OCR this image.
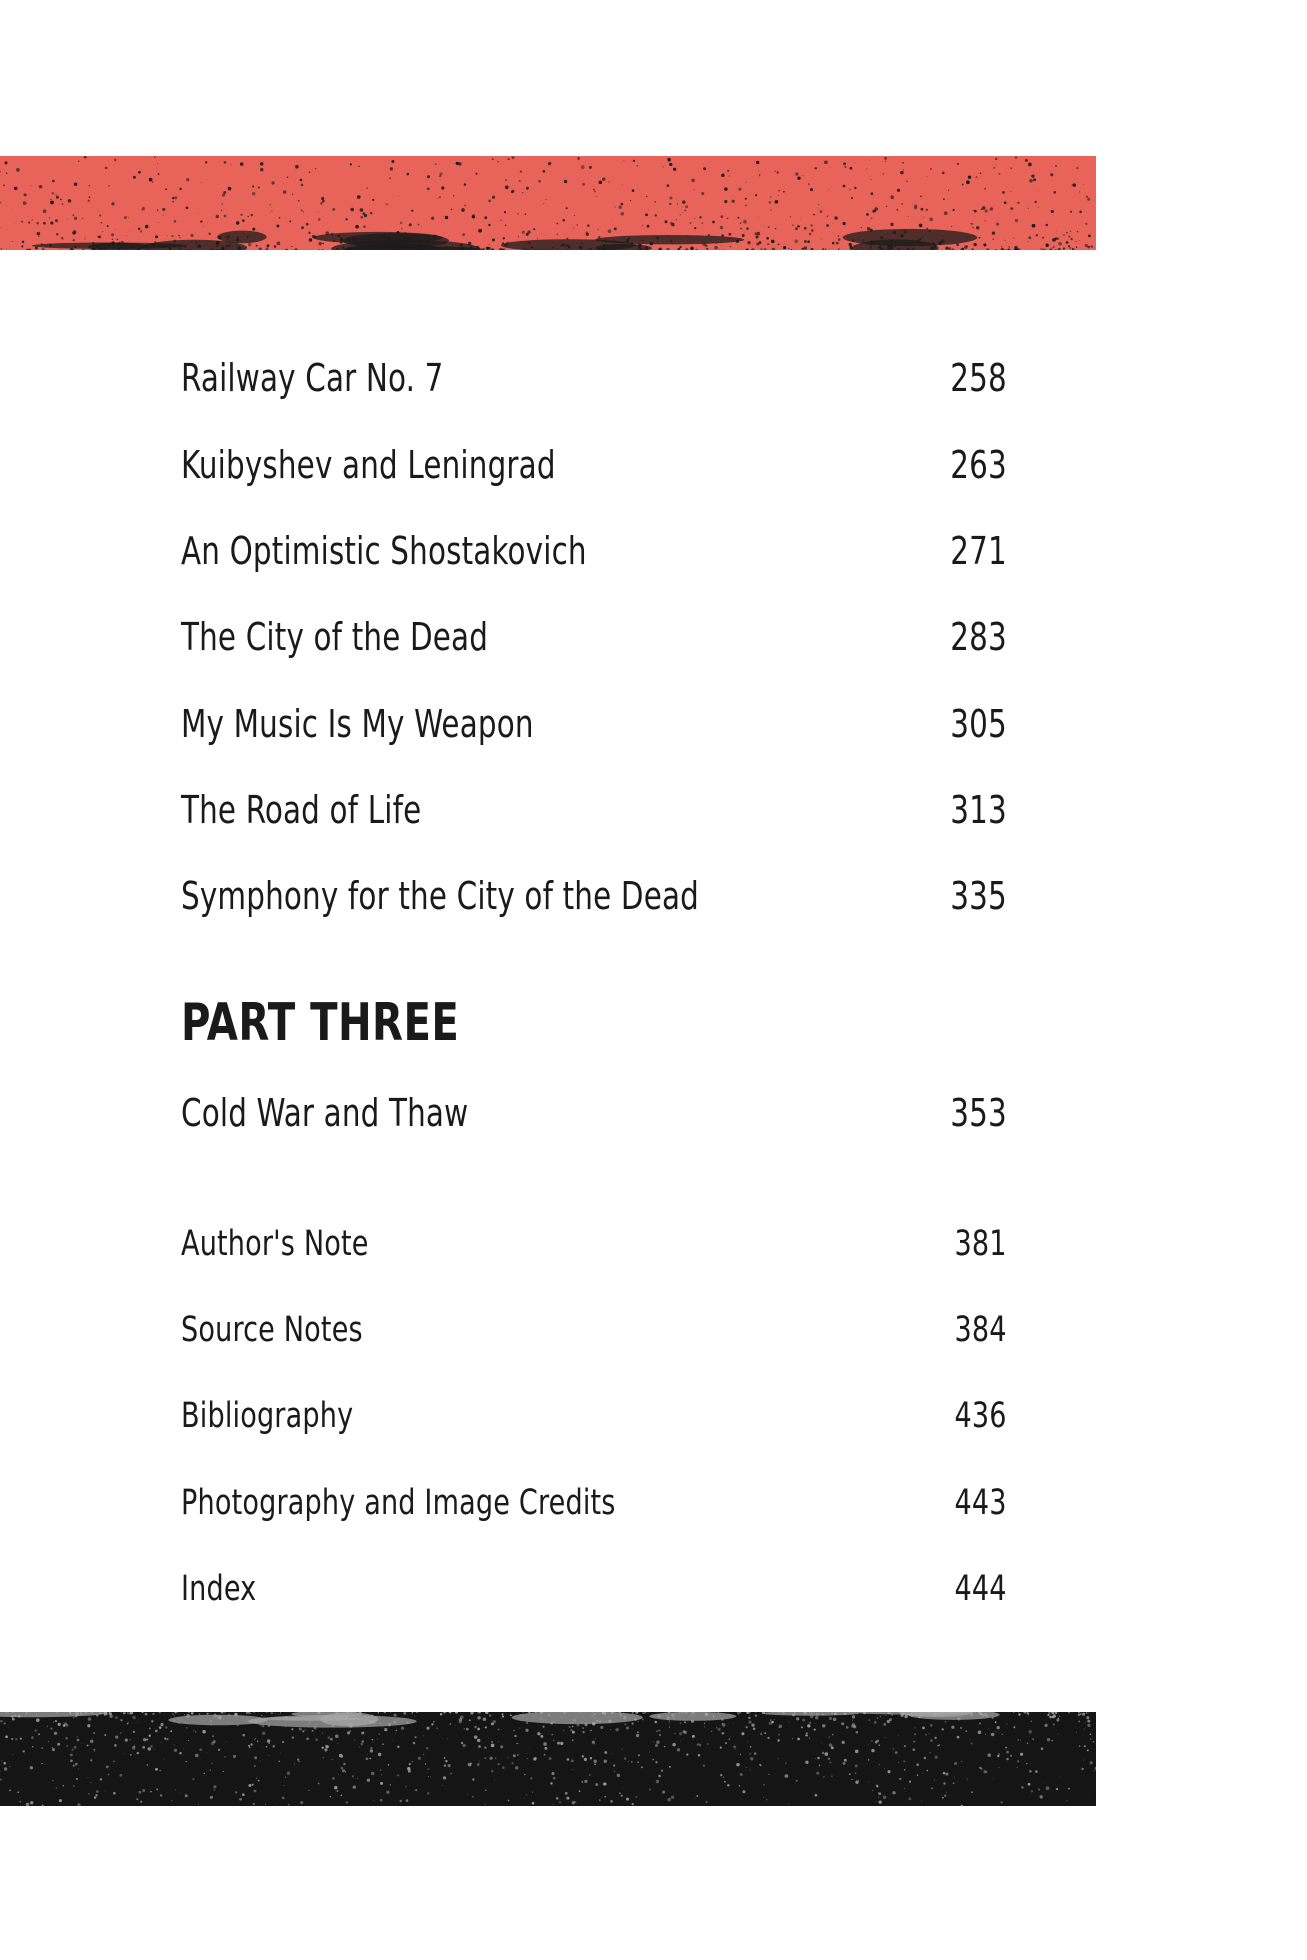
Railway Car No. 7	258
Kuibyshev and Leningrad	263
An Optimistic Shostakovich	271
The City of the Dead	283
My Music Is My Weapon	305
The Road of Life	313
Symphony for the City of the Dead	335
PART THREE
Cold War and Thaw	353
Author's Note	381
Source Notes	384
Bibliography	436
Photography and Image Credits	443
Index	444
